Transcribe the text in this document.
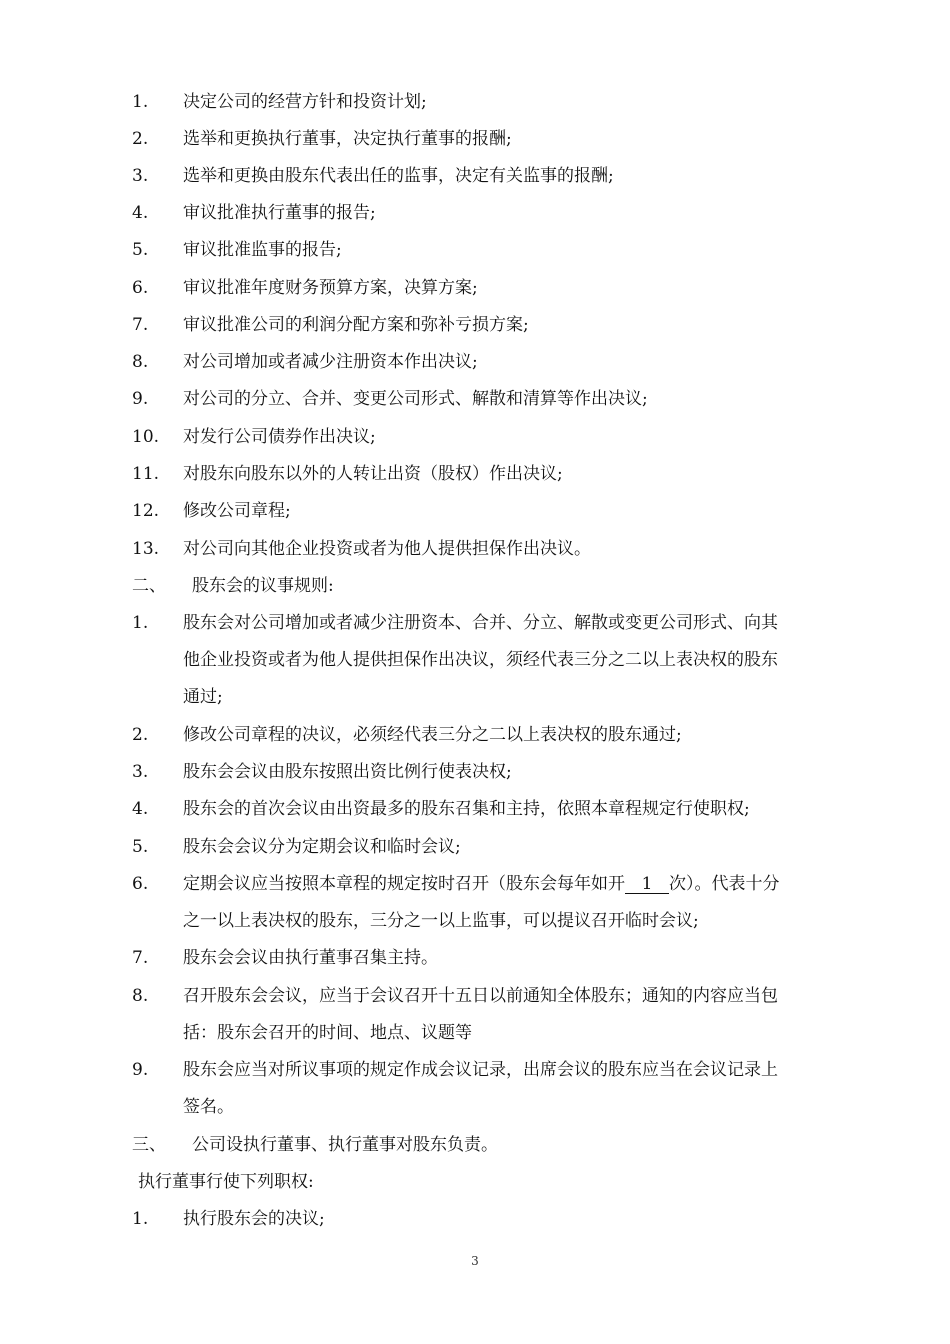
1. 决定公司的经营方针和投资计划;
2. 选举和更换执行董事，决定执行董事的报酬;
3. 选举和更换由股东代表出任的监事，决定有关监事的报酬;
4. 审议批准执行董事的报告;
5. 审议批准监事的报告;
6. 审议批准年度财务预算方案，决算方案;
7. 审议批准公司的利润分配方案和弥补亏损方案;
8. 对公司增加或者减少注册资本作出决议;
9. 对公司的分立、合并、变更公司形式、解散和清算等作出决议;
10. 对发行公司债券作出决议;
11. 对股东向股东以外的人转让出资（股权）作出决议;
12. 修改公司章程;
13. 对公司向其他企业投资或者为他人提供担保作出决议。
二、 股东会的议事规则:
1. 股东会对公司增加或者减少注册资本、合并、分立、解散或变更公司形式、向其
他企业投资或者为他人提供担保作出决议，须经代表三分之二以上表决权的股东
通过;
2. 修改公司章程的决议，必须经代表三分之二以上表决权的股东通过;
3. 股东会会议由股东按照出资比例行使表决权;
4. 股东会的首次会议由出资最多的股东召集和主持，依照本章程规定行使职权;
5. 股东会会议分为定期会议和临时会议;
6. 定期会议应当按照本章程的规定按时召开（股东会每年如开 1 次）。代表十分
之一以上表决权的股东，三分之一以上监事，可以提议召开临时会议;
7. 股东会会议由执行董事召集主持。
8. 召开股东会会议，应当于会议召开十五日以前通知全体股东；通知的内容应当包
括：股东会召开的时间、地点、议题等
9. 股东会应当对所议事项的规定作成会议记录，出席会议的股东应当在会议记录上
签名。
三、 公司设执行董事、执行董事对股东负责。
执行董事行使下列职权:
1. 执行股东会的决议;
3
